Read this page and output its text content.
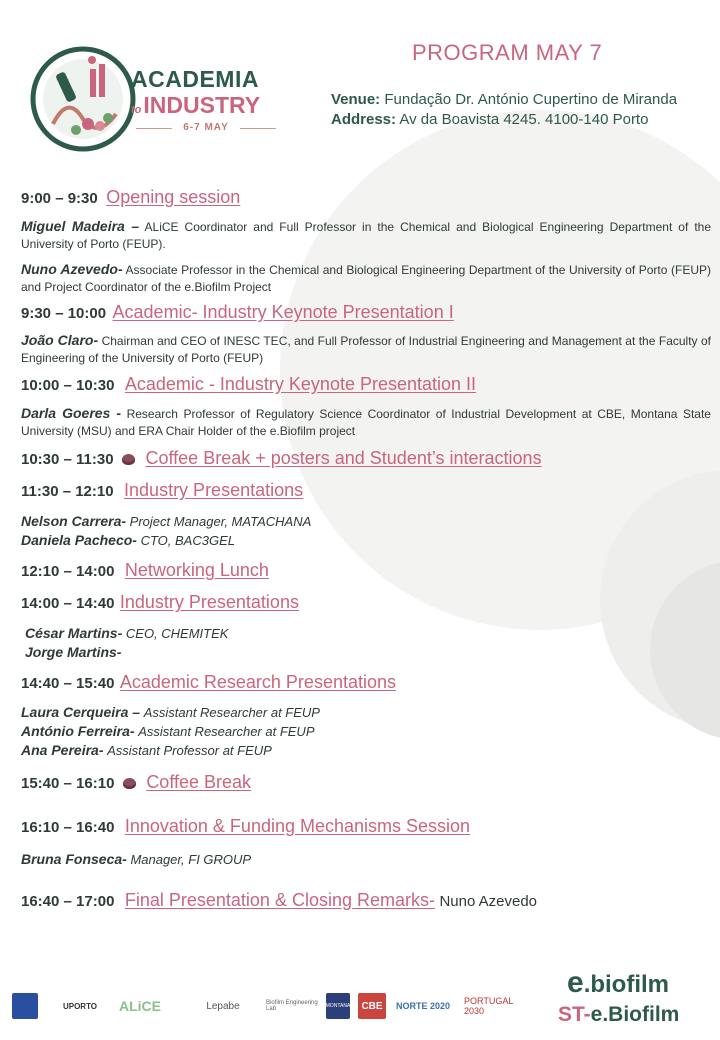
ACADEMIA
toINDUSTRY
6-7 MAY
PROGRAM MAY 7
Venue: Fundação Dr. António Cupertino de Miranda
Address: Av da Boavista 4245. 4100-140 Porto
9:00 – 9:30 Opening session
Miguel Madeira – ALiCE Coordinator and Full Professor in the Chemical and Biological Engineering Department of the University of Porto (FEUP).
Nuno Azevedo- Associate Professor in the Chemical and Biological Engineering Department of the University of Porto (FEUP) and Project Coordinator of the e.Biofilm Project
9:30 – 10:00 Academic- Industry Keynote Presentation I
João Claro- Chairman and CEO of INESC TEC, and Full Professor of Industrial Engineering and Management at the Faculty of Engineering of the University of Porto (FEUP)
10:00 – 10:30 Academic - Industry Keynote Presentation II
Darla Goeres - Research Professor of Regulatory Science Coordinator of Industrial Development at CBE, Montana State University (MSU) and ERA Chair Holder of the e.Biofilm project
10:30 – 11:30 Coffee Break + posters and Student’s interactions
11:30 – 12:10 Industry Presentations
Nelson Carrera- Project Manager, MATACHANA
Daniela Pacheco- CTO, BAC3GEL
12:10 – 14:00 Networking Lunch
14:00 – 14:40 Industry Presentations
César Martins- CEO, CHEMITEK
Jorge Martins-
14:40 – 15:40 Academic Research Presentations
Laura Cerqueira – Assistant Researcher at FEUP
António Ferreira- Assistant Researcher at FEUP
Ana Pereira- Assistant Professor at FEUP
15:40 – 16:10 Coffee Break
16:10 – 16:40 Innovation & Funding Mechanisms Session
Bruna Fonseca- Manager, FI GROUP
16:40 – 17:00 Final Presentation & Closing Remarks- Nuno Azevedo
UPORTO	ALiCE	Lepabe	Biofilm Engineering Lab	MONTANA	CBE	NORTE 2020 PORTUGAL 2030
e.biofilm
ST-e.Biofilm
